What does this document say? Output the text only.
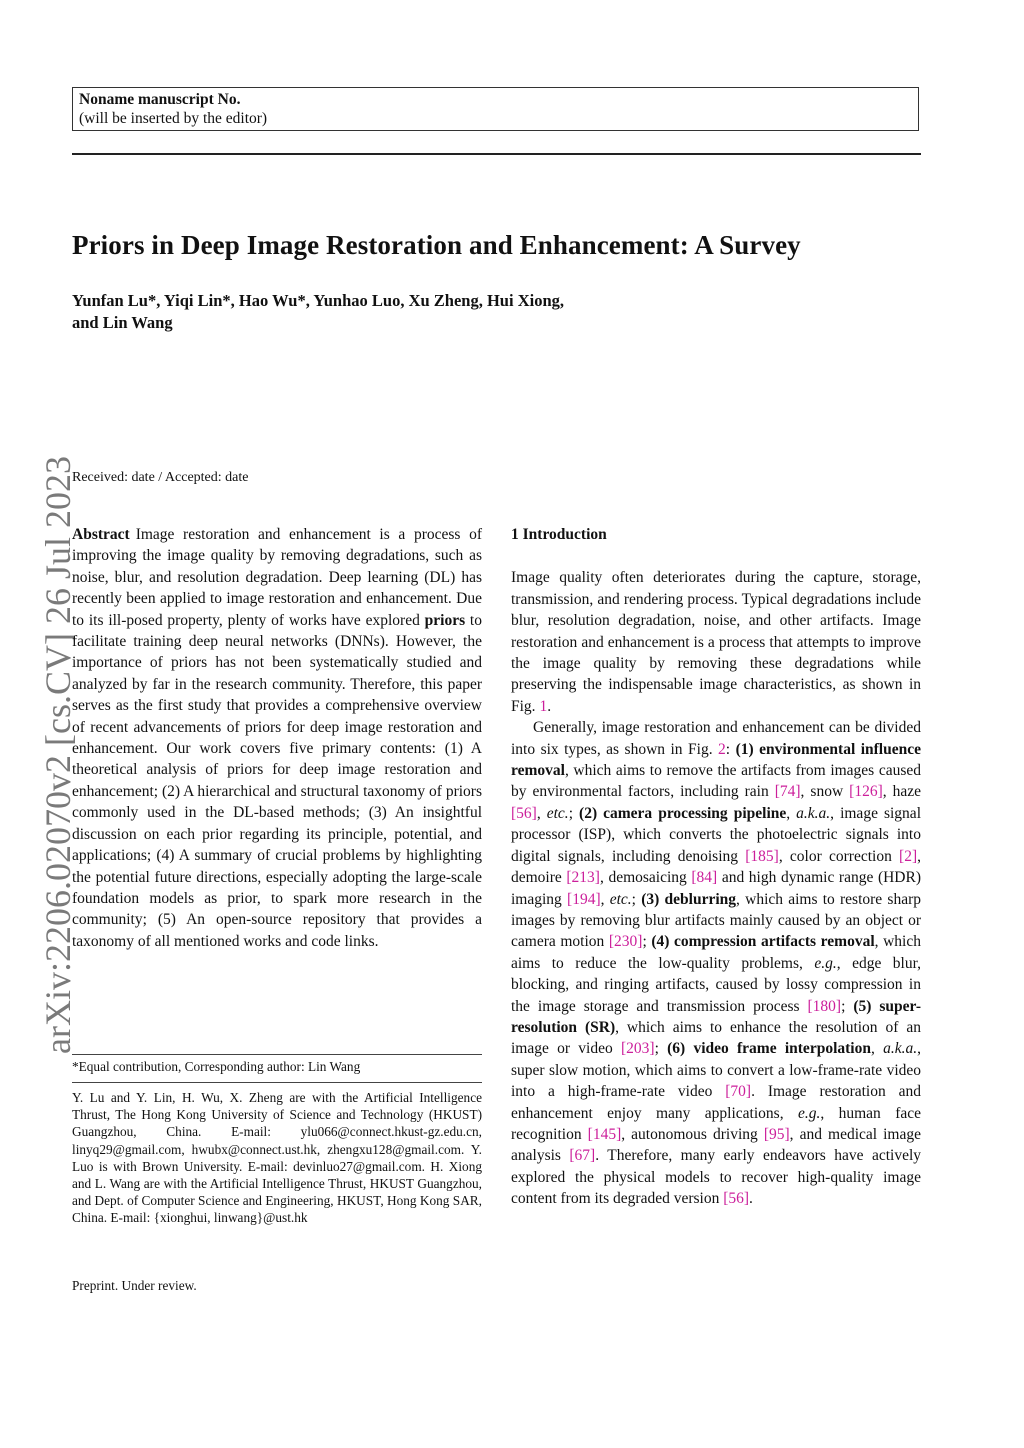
Noname manuscript No.
(will be inserted by the editor)
Priors in Deep Image Restoration and Enhancement: A Survey
Yunfan Lu*, Yiqi Lin*, Hao Wu*, Yunhao Luo, Xu Zheng, Hui Xiong,
and Lin Wang
Received: date / Accepted: date
arXiv:2206.02070v2 [cs.CV] 26 Jul 2023
Abstract Image restoration and enhancement is a process of improving the image quality by removing degradations, such as noise, blur, and resolution degradation. Deep learning (DL) has recently been applied to image restoration and enhancement. Due to its ill-posed property, plenty of works have explored priors to facilitate training deep neural networks (DNNs). However, the importance of priors has not been systematically studied and analyzed by far in the research community. Therefore, this paper serves as the first study that provides a comprehensive overview of recent advancements of priors for deep image restoration and enhancement. Our work covers five primary contents: (1) A theoretical analysis of priors for deep image restoration and enhancement; (2) A hierarchical and structural taxonomy of priors commonly used in the DL-based methods; (3) An insightful discussion on each prior regarding its principle, potential, and applications; (4) A summary of crucial problems by highlighting the potential future directions, especially adopting the large-scale foundation models as prior, to spark more research in the community; (5) An open-source repository that provides a taxonomy of all mentioned works and code links.
*Equal contribution, Corresponding author: Lin Wang
Y. Lu and Y. Lin, H. Wu, X. Zheng are with the Artificial Intelligence Thrust, The Hong Kong University of Science and Technology (HKUST) Guangzhou, China. E-mail: ylu066@connect.hkust-gz.edu.cn, linyq29@gmail.com, hwubx@connect.ust.hk, zhengxu128@gmail.com. Y. Luo is with Brown University. E-mail: devinluo27@gmail.com. H. Xiong and L. Wang are with the Artificial Intelligence Thrust, HKUST Guangzhou, and Dept. of Computer Science and Engineering, HKUST, Hong Kong SAR, China. E-mail: {xionghui, linwang}@ust.hk
Preprint. Under review.
1 Introduction

Image quality often deteriorates during the capture, storage, transmission, and rendering process. Typical degradations include blur, resolution degradation, noise, and other artifacts. Image restoration and enhancement is a process that attempts to improve the image quality by removing these degradations while preserving the indispensable image characteristics, as shown in Fig. 1.

Generally, image restoration and enhancement can be divided into six types, as shown in Fig. 2: (1) environmental influence removal, which aims to remove the artifacts from images caused by environmental factors, including rain [74], snow [126], haze [56], etc.; (2) camera processing pipeline, a.k.a., image signal processor (ISP), which converts the photoelectric signals into digital signals, including denoising [185], color correction [2], demoire [213], demosaicing [84] and high dynamic range (HDR) imaging [194], etc.; (3) deblurring, which aims to restore sharp images by removing blur artifacts mainly caused by an object or camera motion [230]; (4) compression artifacts removal, which aims to reduce the low-quality problems, e.g., edge blur, blocking, and ringing artifacts, caused by lossy compression in the image storage and transmission process [180]; (5) super-resolution (SR), which aims to enhance the resolution of an image or video [203]; (6) video frame interpolation, a.k.a., super slow motion, which aims to convert a low-frame-rate video into a high-frame-rate video [70]. Image restoration and enhancement enjoy many applications, e.g., human face recognition [145], autonomous driving [95], and medical image analysis [67]. Therefore, many early endeavors have actively explored the physical models to recover high-quality image content from its degraded version [56].
